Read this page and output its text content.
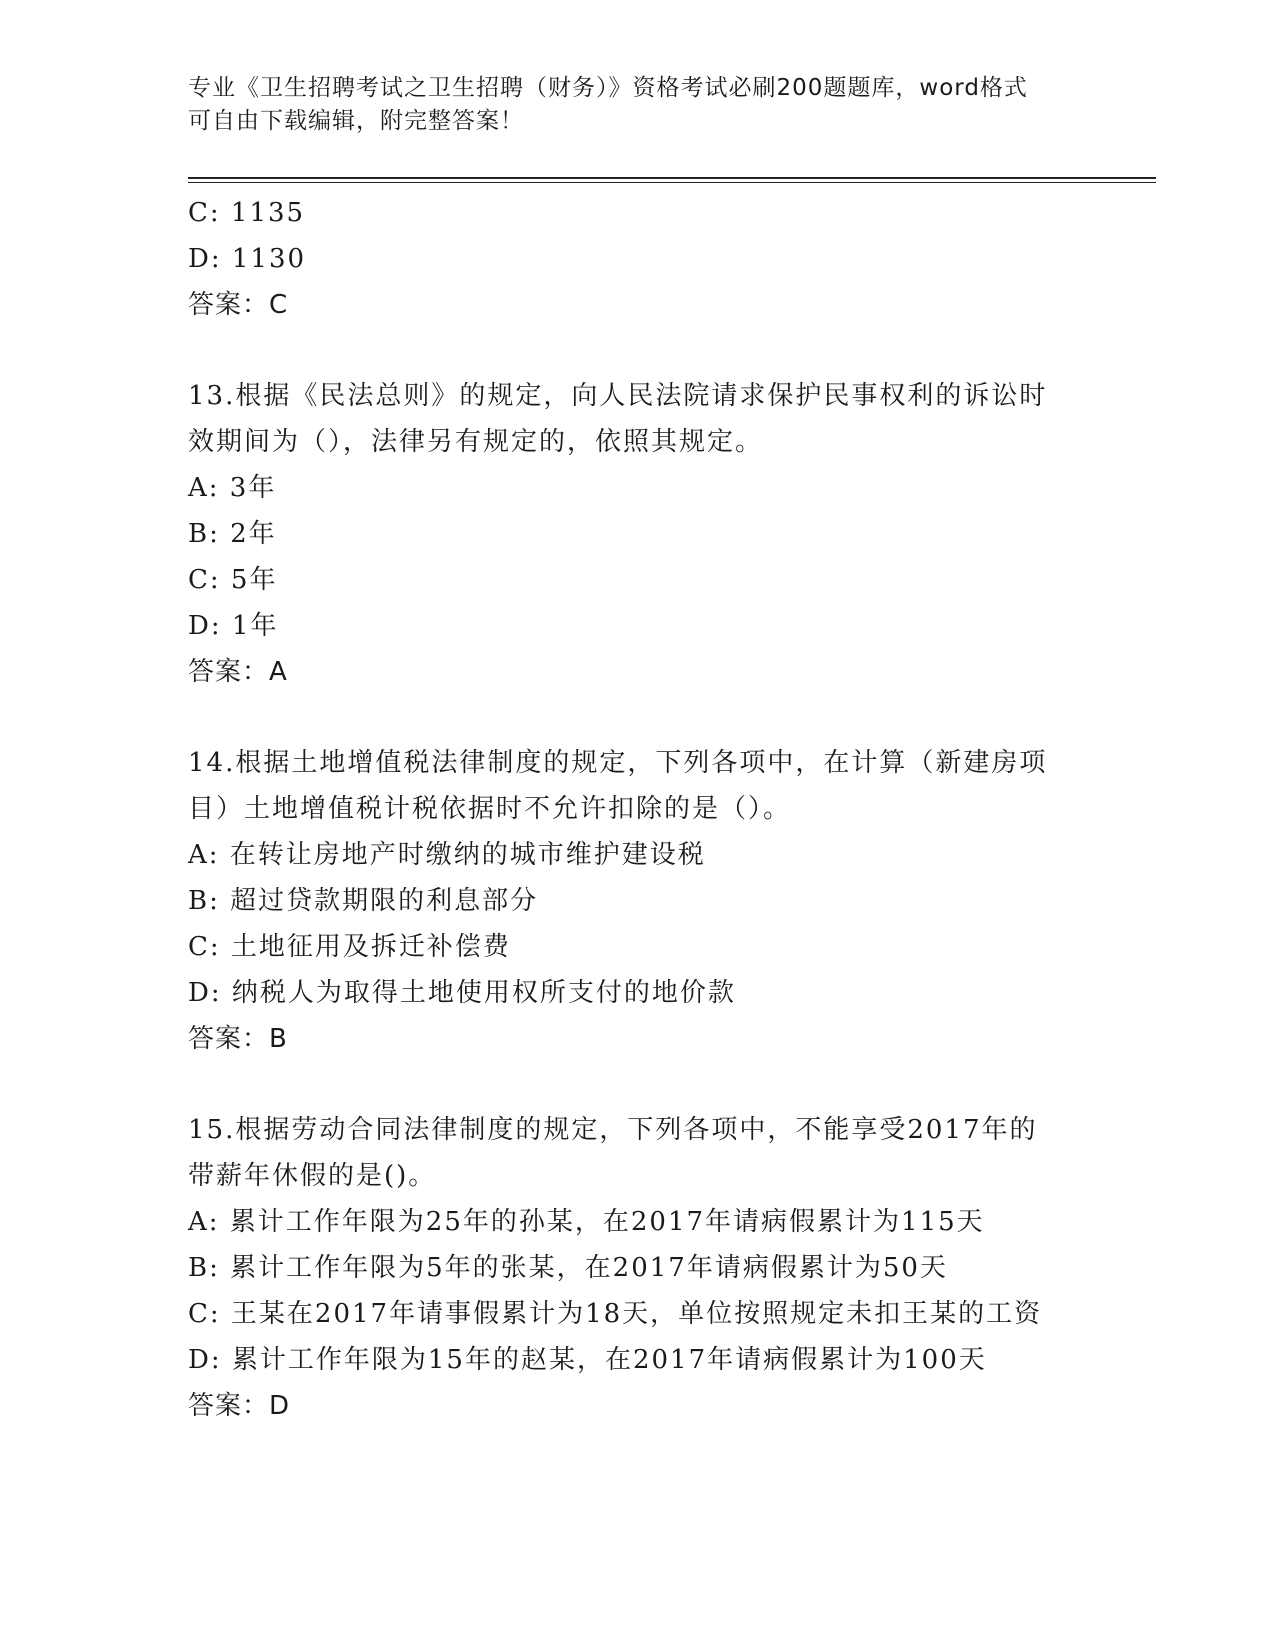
专业《卫生招聘考试之卫生招聘（财务）》资格考试必刷200题题库，word格式
可自由下载编辑，附完整答案！
C: 1135
D: 1130
答案：C
13.根据《民法总则》的规定，向人民法院请求保护民事权利的诉讼时
效期间为（），法律另有规定的，依照其规定。
A: 3年
B: 2年
C: 5年
D: 1年
答案：A
14.根据土地增值税法律制度的规定，下列各项中，在计算（新建房项
目）土地增值税计税依据时不允许扣除的是（）。
A: 在转让房地产时缴纳的城市维护建设税
B: 超过贷款期限的利息部分
C: 土地征用及拆迁补偿费
D: 纳税人为取得土地使用权所支付的地价款
答案：B
15.根据劳动合同法律制度的规定，下列各项中，不能享受2017年的
带薪年休假的是()。
A: 累计工作年限为25年的孙某，在2017年请病假累计为115天
B: 累计工作年限为5年的张某，在2017年请病假累计为50天
C: 王某在2017年请事假累计为18天，单位按照规定未扣王某的工资
D: 累计工作年限为15年的赵某，在2017年请病假累计为100天
答案：D
